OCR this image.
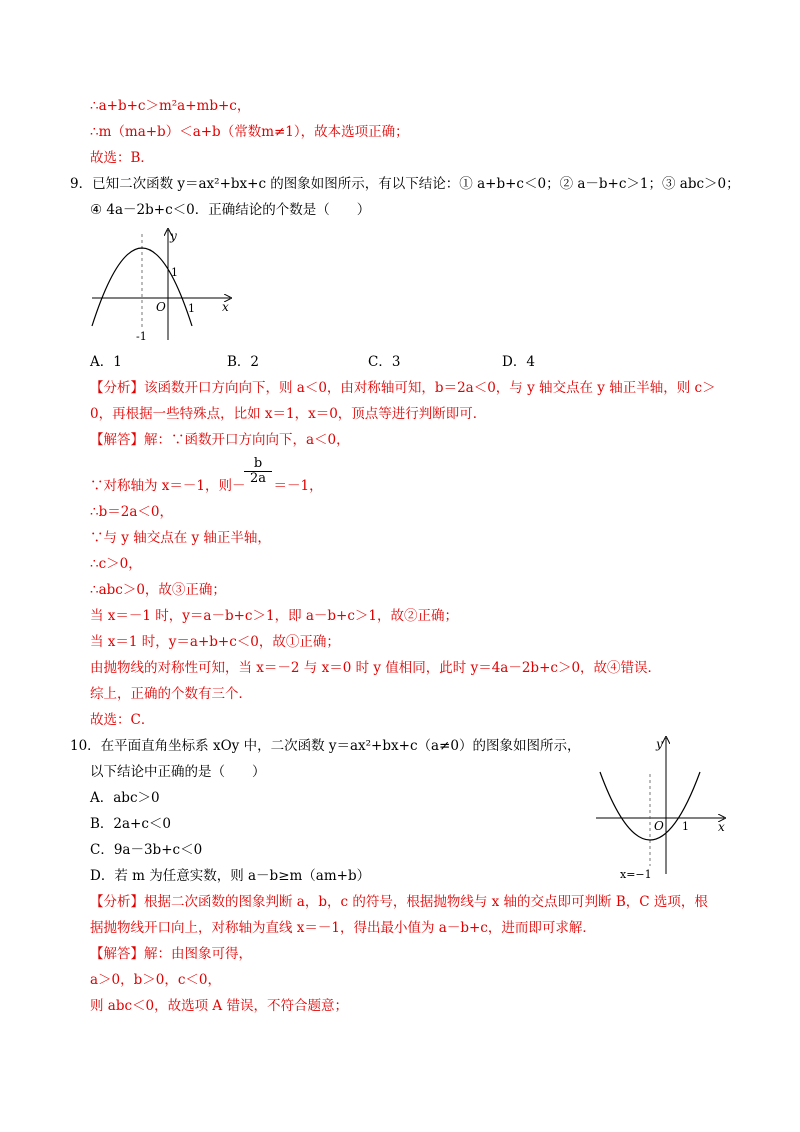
∴a+b+c＞m²a+mb+c，
∴m（ma+b）＜a+b（常数m≠1），故本选项正确；
故选：B．
9．已知二次函数 y＝ax²+bx+c 的图象如图所示，有以下结论：① a+b+c＜0；② a－b+c＞1；③ abc＞0；
④ 4a－2b+c＜0．正确结论的个数是（　　）
y
x
O 1
-1
1
A．1	B．2	C．3	D．4
【分析】该函数开口方向向下，则 a＜0，由对称轴可知，b＝2a＜0，与 y 轴交点在 y 轴正半轴，则 c＞
0，再根据一些特殊点，比如 x＝1，x＝0，顶点等进行判断即可．
【解答】解：∵函数开口方向向下，a＜0，
$\frac{b}{2a}$
∵对称轴为 x＝－1，则－ ＝－1，
∴b＝2a＜0，
∵与 y 轴交点在 y 轴正半轴，
∴c＞0，
∴abc＞0，故③正确；
当 x＝－1 时，y＝a－b+c＞1，即 a－b+c＞1，故②正确；
当 x＝1 时，y＝a+b+c＜0，故①正确；
由抛物线的对称性可知，当 x＝－2 与 x＝0 时 y 值相同，此时 y＝4a－2b+c＞0，故④错误．
综上，正确的个数有三个．
故选：C．
10．在平面直角坐标系 xOy 中，二次函数 y＝ax²+bx+c（a≠0）的图象如图所示，
以下结论中正确的是（　　）
y
x
O 1
x=−1
A．abc＞0
B．2a+c＜0
C．9a－3b+c＜0
D．若 m 为任意实数，则 a－b≥m（am+b）
【分析】根据二次函数的图象判断 a，b，c 的符号，根据抛物线与 x 轴的交点即可判断 B，C 选项，根
据抛物线开口向上，对称轴为直线 x＝－1，得出最小值为 a－b+c，进而即可求解．
【解答】解：由图象可得，
a＞0，b＞0，c＜0，
则 abc＜0，故选项 A 错误，不符合题意；
